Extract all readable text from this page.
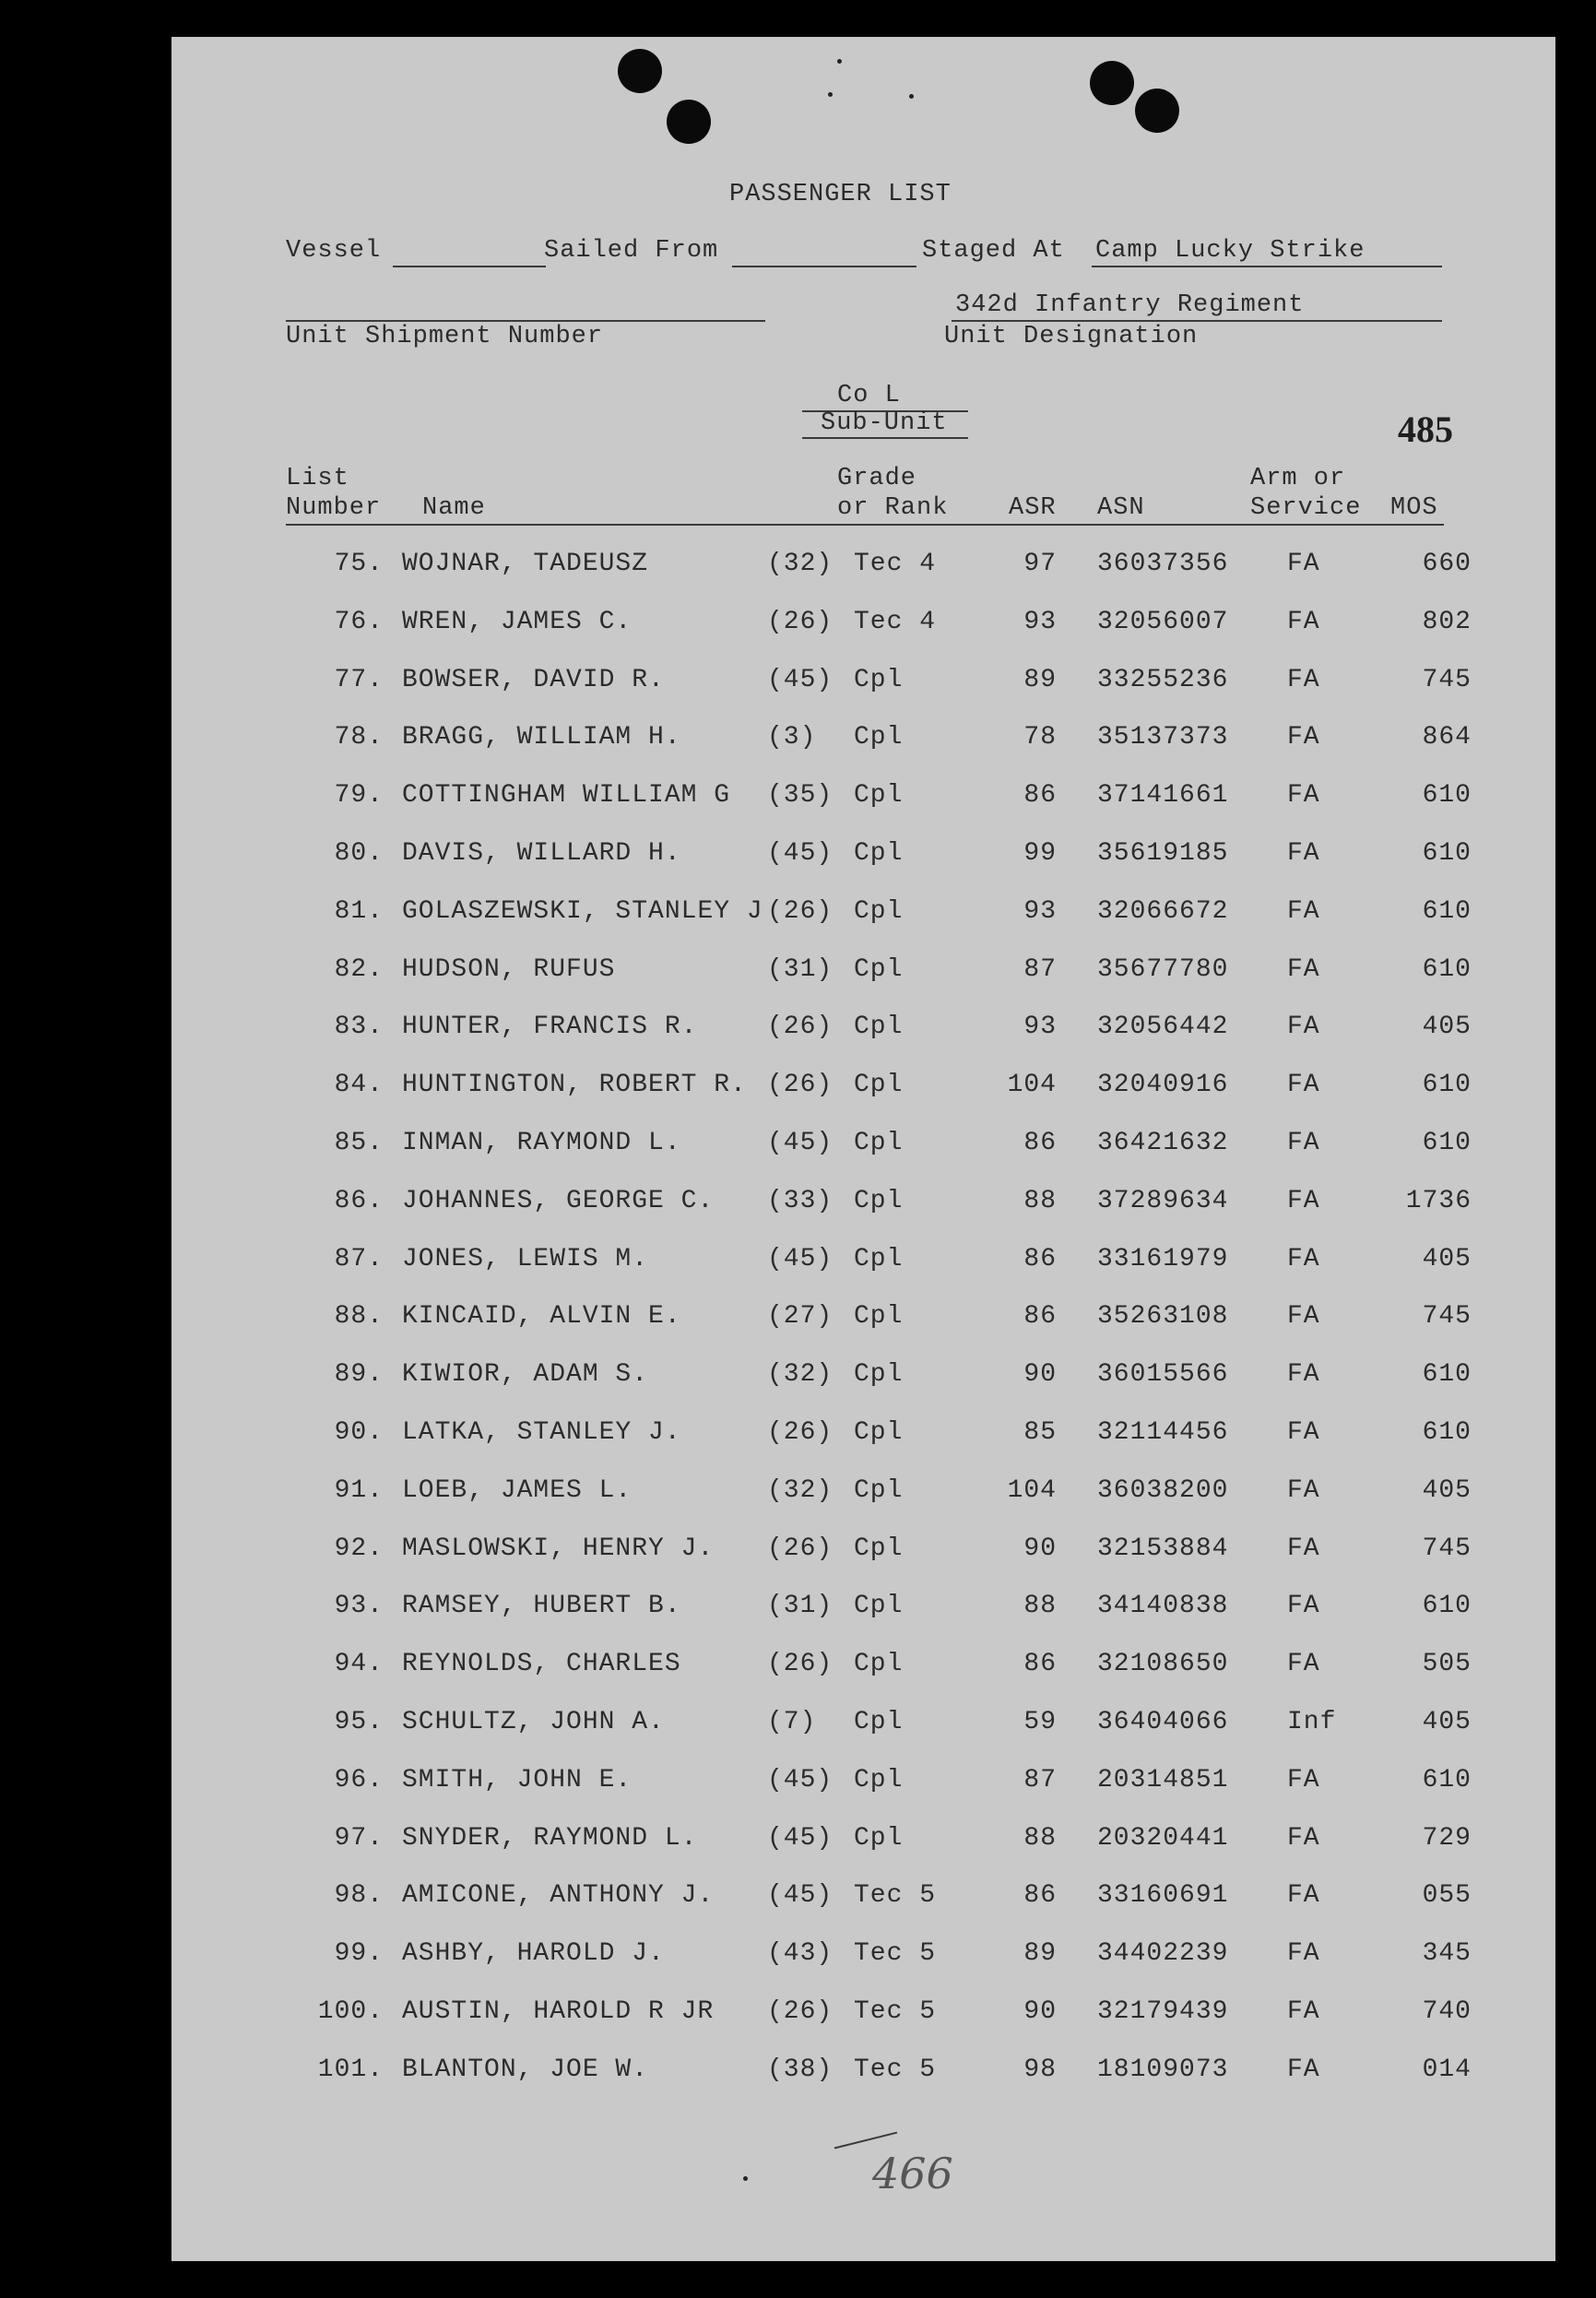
PASSENGER LIST
Vessel	Sailed From	Staged At Camp Lucky Strike
Unit Shipment Number
342d Infantry Regiment
Unit Designation
Co L
Sub-Unit	485
List
Number Name
Grade
or Rank ASR ASN
Arm or
Service MOS
75. WOJNAR, TADEUSZ	(32) Tec 4	97 36037356 FA	660
76. WREN, JAMES C.	(26) Tec 4	93 32056007 FA	802
77. BOWSER, DAVID R.	(45) Cpl	89 33255236 FA	745
78. BRAGG, WILLIAM H.	(3) Cpl	78 35137373 FA	864
79. COTTINGHAM WILLIAM G (35) Cpl	86 37141661 FA	610
80. DAVIS, WILLARD H.	(45) Cpl	99 35619185 FA	610
81. GOLASZEWSKI, STANLEY J (26) Cpl	93 32066672 FA	610
82. HUDSON, RUFUS	(31) Cpl	87 35677780 FA	610
83. HUNTER, FRANCIS R.	(26) Cpl	93 32056442 FA	405
84. HUNTINGTON, ROBERT R. (26) Cpl	104 32040916 FA	610
85. INMAN, RAYMOND L.	(45) Cpl	86 36421632 FA	610
86. JOHANNES, GEORGE C. (33) Cpl	88 37289634 FA	1736
87. JONES, LEWIS M.	(45) Cpl	86 33161979 FA	405
88. KINCAID, ALVIN E.	(27) Cpl	86 35263108 FA	745
89. KIWIOR, ADAM S.	(32) Cpl	90 36015566 FA	610
90. LATKA, STANLEY J.	(26) Cpl	85 32114456 FA	610
91. LOEB, JAMES L.	(32) Cpl	104 36038200 FA	405
92. MASLOWSKI, HENRY J. (26) Cpl	90 32153884 FA	745
93. RAMSEY, HUBERT B.	(31) Cpl	88 34140838 FA	610
94. REYNOLDS, CHARLES	(26) Cpl	86 32108650 FA	505
95. SCHULTZ, JOHN A.	(7) Cpl	59 36404066 Inf	405
96. SMITH, JOHN E.	(45) Cpl	87 20314851 FA	610
97. SNYDER, RAYMOND L.	(45) Cpl	88 20320441 FA	729
98. AMICONE, ANTHONY J. (45) Tec 5	86 33160691 FA	055
99. ASHBY, HAROLD J.	(43) Tec 5	89 34402239 FA	345
100. AUSTIN, HAROLD R JR (26) Tec 5	90 32179439 FA	740
101. BLANTON, JOE W.	(38) Tec 5	98 18109073 FA	014
466
